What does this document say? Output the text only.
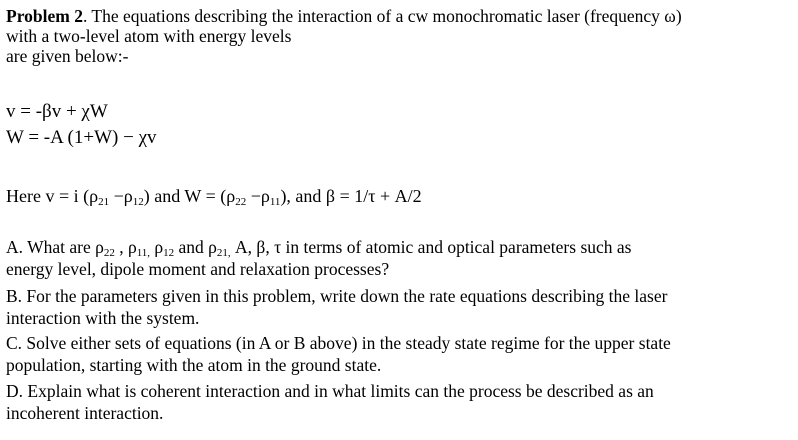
Problem 2. The equations describing the interaction of a cw monochromatic laser (frequency ω)
with a two-level atom with energy levels
are given below:-
v = -βv + χW
W = -A (1+W) − χv
Here v = i $(\rho_{21} -\rho_{12})$ and $W = (\rho_{22} -\rho_{11})$, and β = 1/τ + A/2
A. What are $\rho_{22}$ , $\rho_{11,}$ $\rho_{12}$ and $\rho_{21,}$ A, β, τ in terms of atomic and optical parameters such as
energy level, dipole moment and relaxation processes?
B. For the parameters given in this problem, write down the rate equations describing the laser
interaction with the system.
C. Solve either sets of equations (in A or B above) in the steady state regime for the upper state
population, starting with the atom in the ground state.
D. Explain what is coherent interaction and in what limits can the process be described as an
incoherent interaction.
